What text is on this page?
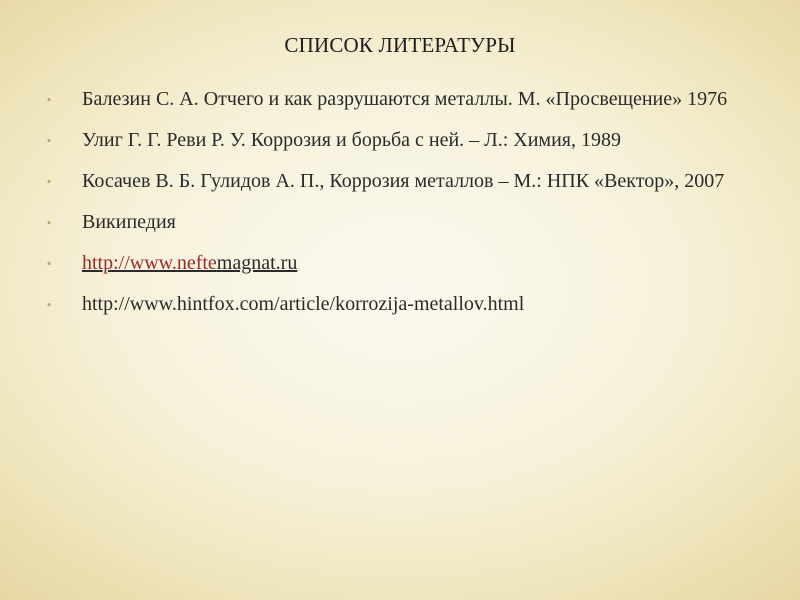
СПИСОК ЛИТЕРАТУРЫ
• Балезин С. А. Отчего и как разрушаются металлы. М. «Просвещение» 1976
• Улиг Г. Г. Реви Р. У. Коррозия и борьба с ней. – Л.: Химия, 1989
• Косачев В. Б. Гулидов А. П., Коррозия металлов – М.: НПК «Вектор», 2007
• Википедия
• http://www.neftemagnat.ru
• http://www.hintfox.com/article/korrozija-metallov.html
